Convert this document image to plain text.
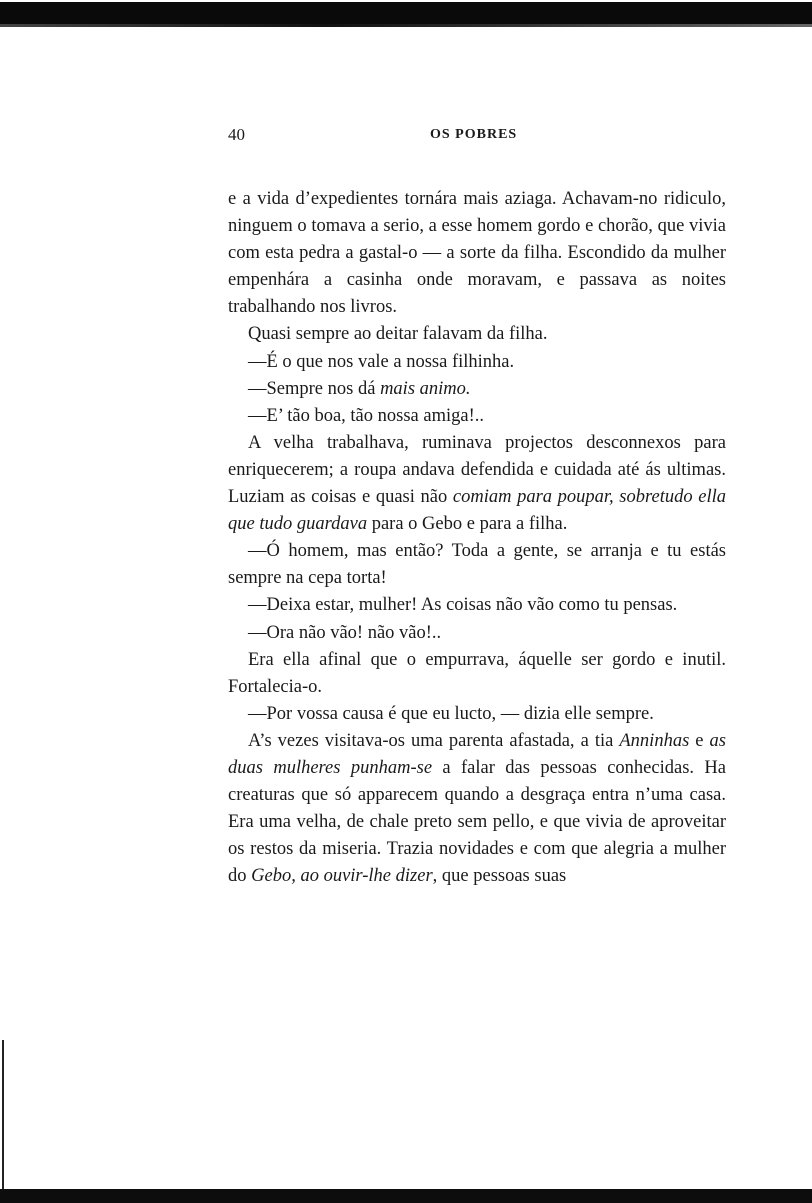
40	OS POBRES

e a vida d’expedientes tornára mais aziaga. Achavam-no ridiculo, ninguem o tomava a serio, a esse homem gordo e chorão, que vivia com esta pedra a gastal-o — a sorte da filha. Escondido da mulher empenhára a casinha onde moravam, e passava as noites trabalhando nos livros.

Quasi sempre ao deitar falavam da filha.

—É o que nos vale a nossa filhinha.

—Sempre nos dá mais animo.

—E’ tão boa, tão nossa amiga!..

A velha trabalhava, ruminava projectos desconnexos para enriquecerem; a roupa andava defendida e cuidada até ás ultimas. Luziam as coisas e quasi não comiam para poupar, sobretudo ella que tudo guardava para o Gebo e para a filha.

—Ó homem, mas então? Toda a gente, se arranja e tu estás sempre na cepa torta!

—Deixa estar, mulher! As coisas não vão como tu pensas.

—Ora não vão! não vão!..

Era ella afinal que o empurrava, áquelle ser gordo e inutil. Fortalecia-o.

—Por vossa causa é que eu lucto, — dizia elle sempre.

A’s vezes visitava-os uma parenta afastada, a tia Anninhas e as duas mulheres punham-se a falar das pessoas conhecidas. Ha creaturas que só apparecem quando a desgraça entra n’uma casa. Era uma velha, de chale preto sem pello, e que vivia de aproveitar os restos da miseria. Trazia novidades e com que alegria a mulher do Gebo, ao ouvir-lhe dizer, que pessoas suas
